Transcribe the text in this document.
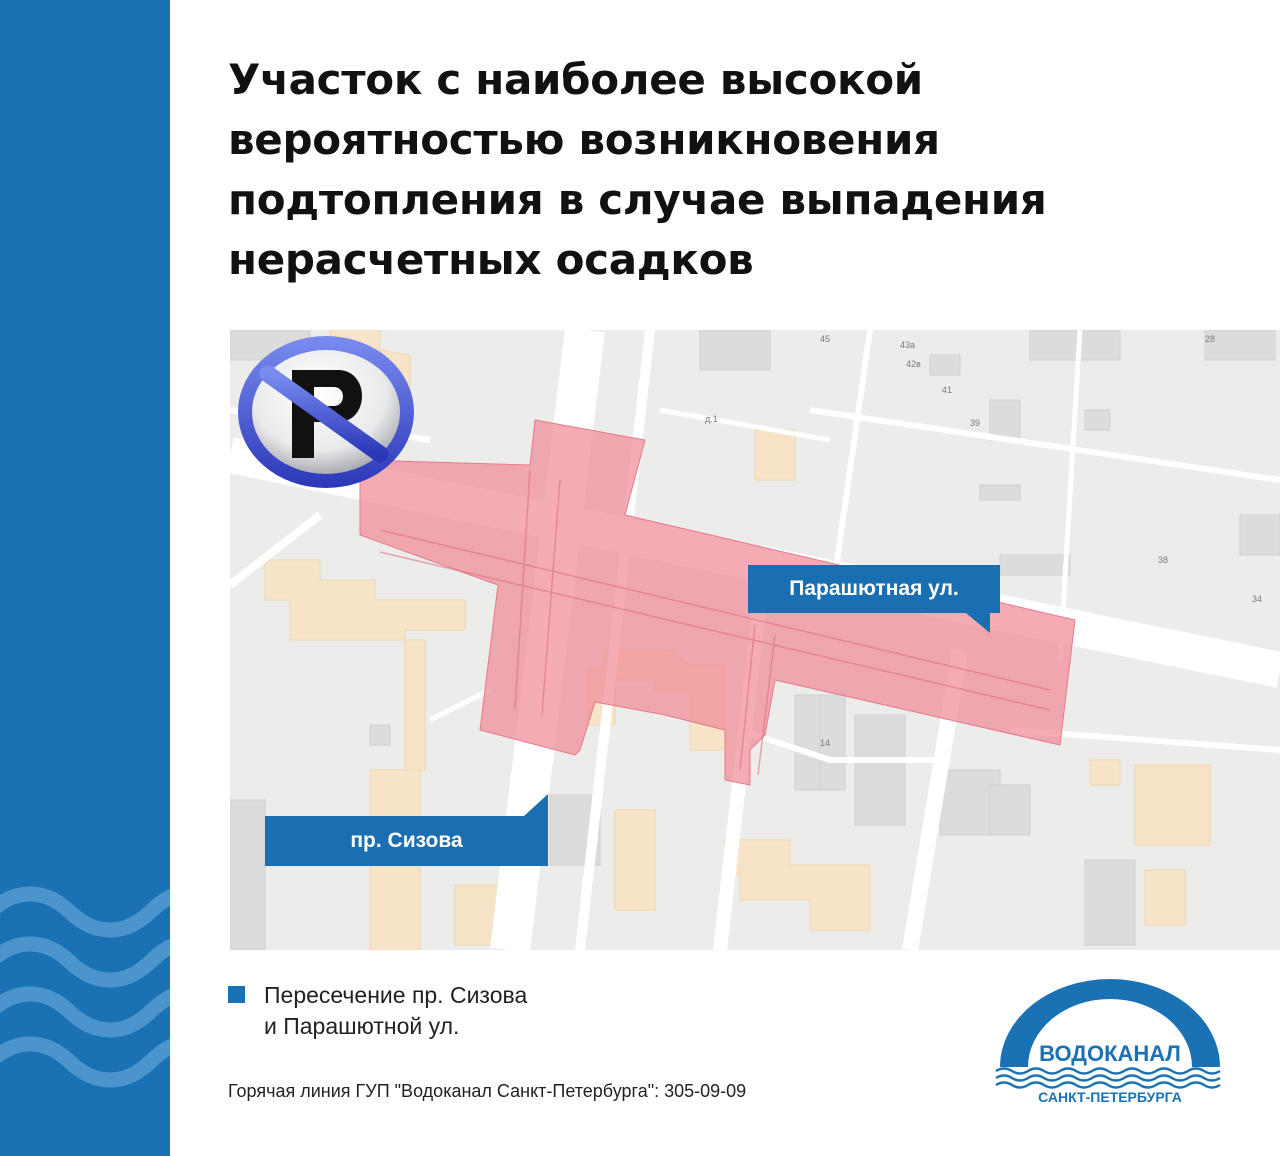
Участок с наиболее высокой
вероятностью возникновения
подтопления в случае выпадения
нерасчетных осадков
45
43а
42в
41
39
28
38
34
д.1
14
пр. Сизова
Парашютная ул.
Пересечение пр. Сизова
и Парашютной ул.
Горячая линия ГУП "Водоканал Санкт-Петербурга": 305-09-09
ВОДОКАНАЛ
САНКТ-ПЕТЕРБУРГА
